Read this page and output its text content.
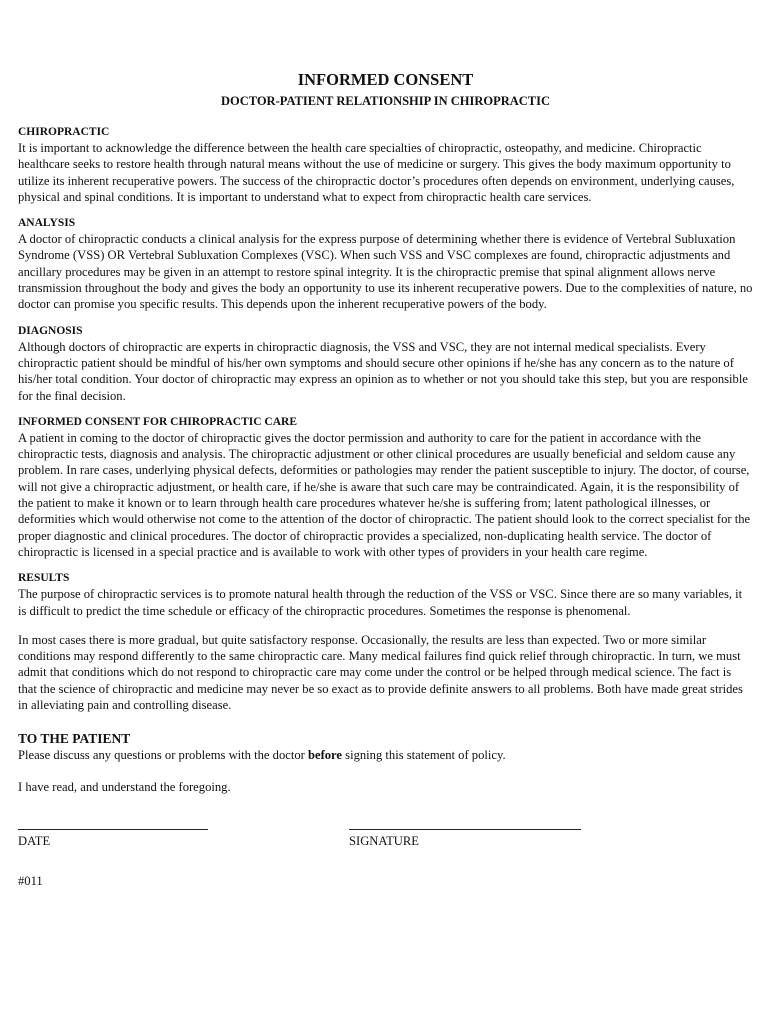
INFORMED CONSENT
DOCTOR-PATIENT RELATIONSHIP IN CHIROPRACTIC
CHIROPRACTIC

It is important to acknowledge the difference between the health care specialties of chiropractic, osteopathy, and medicine. Chiropractic healthcare seeks to restore health through natural means without the use of medicine or surgery. This gives the body maximum opportunity to utilize its inherent recuperative powers. The success of the chiropractic doctor’s procedures often depends on environment, underlying causes, physical and spinal conditions. It is important to understand what to expect from chiropractic health care services.

ANALYSIS

A doctor of chiropractic conducts a clinical analysis for the express purpose of determining whether there is evidence of Vertebral Subluxation Syndrome (VSS) OR Vertebral Subluxation Complexes (VSC). When such VSS and VSC complexes are found, chiropractic adjustments and ancillary procedures may be given in an attempt to restore spinal integrity. It is the chiropractic premise that spinal alignment allows nerve transmission throughout the body and gives the body an opportunity to use its inherent recuperative powers. Due to the complexities of nature, no doctor can promise you specific results. This depends upon the inherent recuperative powers of the body.

DIAGNOSIS

Although doctors of chiropractic are experts in chiropractic diagnosis, the VSS and VSC, they are not internal medical specialists. Every chiropractic patient should be mindful of his/her own symptoms and should secure other opinions if he/she has any concern as to the nature of his/her total condition. Your doctor of chiropractic may express an opinion as to whether or not you should take this step, but you are responsible for the final decision.

INFORMED CONSENT FOR CHIROPRACTIC CARE

A patient in coming to the doctor of chiropractic gives the doctor permission and authority to care for the patient in accordance with the chiropractic tests, diagnosis and analysis. The chiropractic adjustment or other clinical procedures are usually beneficial and seldom cause any problem. In rare cases, underlying physical defects, deformities or pathologies may render the patient susceptible to injury. The doctor, of course, will not give a chiropractic adjustment, or health care, if he/she is aware that such care may be contraindicated. Again, it is the responsibility of the patient to make it known or to learn through health care procedures whatever he/she is suffering from; latent pathological illnesses, or deformities which would otherwise not come to the attention of the doctor of chiropractic. The patient should look to the correct specialist for the proper diagnostic and clinical procedures. The doctor of chiropractic provides a specialized, non-duplicating health service. The doctor of chiropractic is licensed in a special practice and is available to work with other types of providers in your health care regime.

RESULTS

The purpose of chiropractic services is to promote natural health through the reduction of the VSS or VSC. Since there are so many variables, it is difficult to predict the time schedule or efficacy of the chiropractic procedures. Sometimes the response is phenomenal.

In most cases there is more gradual, but quite satisfactory response. Occasionally, the results are less than expected. Two or more similar conditions may respond differently to the same chiropractic care. Many medical failures find quick relief through chiropractic. In turn, we must admit that conditions which do not respond to chiropractic care may come under the control or be helped through medical science. The fact is that the science of chiropractic and medicine may never be so exact as to provide definite answers to all problems. Both have made great strides in alleviating pain and controlling disease.

TO THE PATIENT

Please discuss any questions or problems with the doctor before signing this statement of policy.

I have read, and understand the foregoing.

DATE	SIGNATURE
#011
